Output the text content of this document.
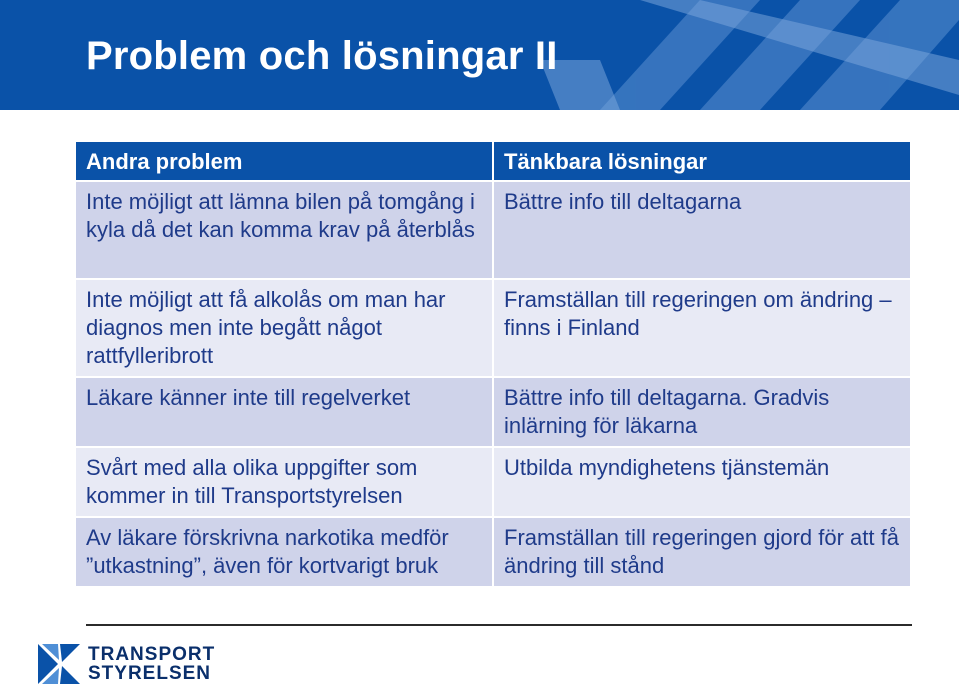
Problem och lösningar II
Andra problem	Tänkbara lösningar
Inte möjligt att lämna bilen på tomgång i kyla då det kan komma krav på återblås	Bättre info till deltagarna
Inte möjligt att få alkolås om man har diagnos men inte begått något rattfylleribrott	Framställan till regeringen om ändring – finns i Finland
Läkare känner inte till regelverket	Bättre info till deltagarna. Gradvis inlärning för läkarna
Svårt med alla olika uppgifter som kommer in till Transportstyrelsen	Utbilda myndighetens tjänstemän
Av läkare förskrivna narkotika medför ”utkastning”, även för kortvarigt bruk	Framställan till regeringen gjord för att få ändring till stånd
TRANSPORT
STYRELSEN
